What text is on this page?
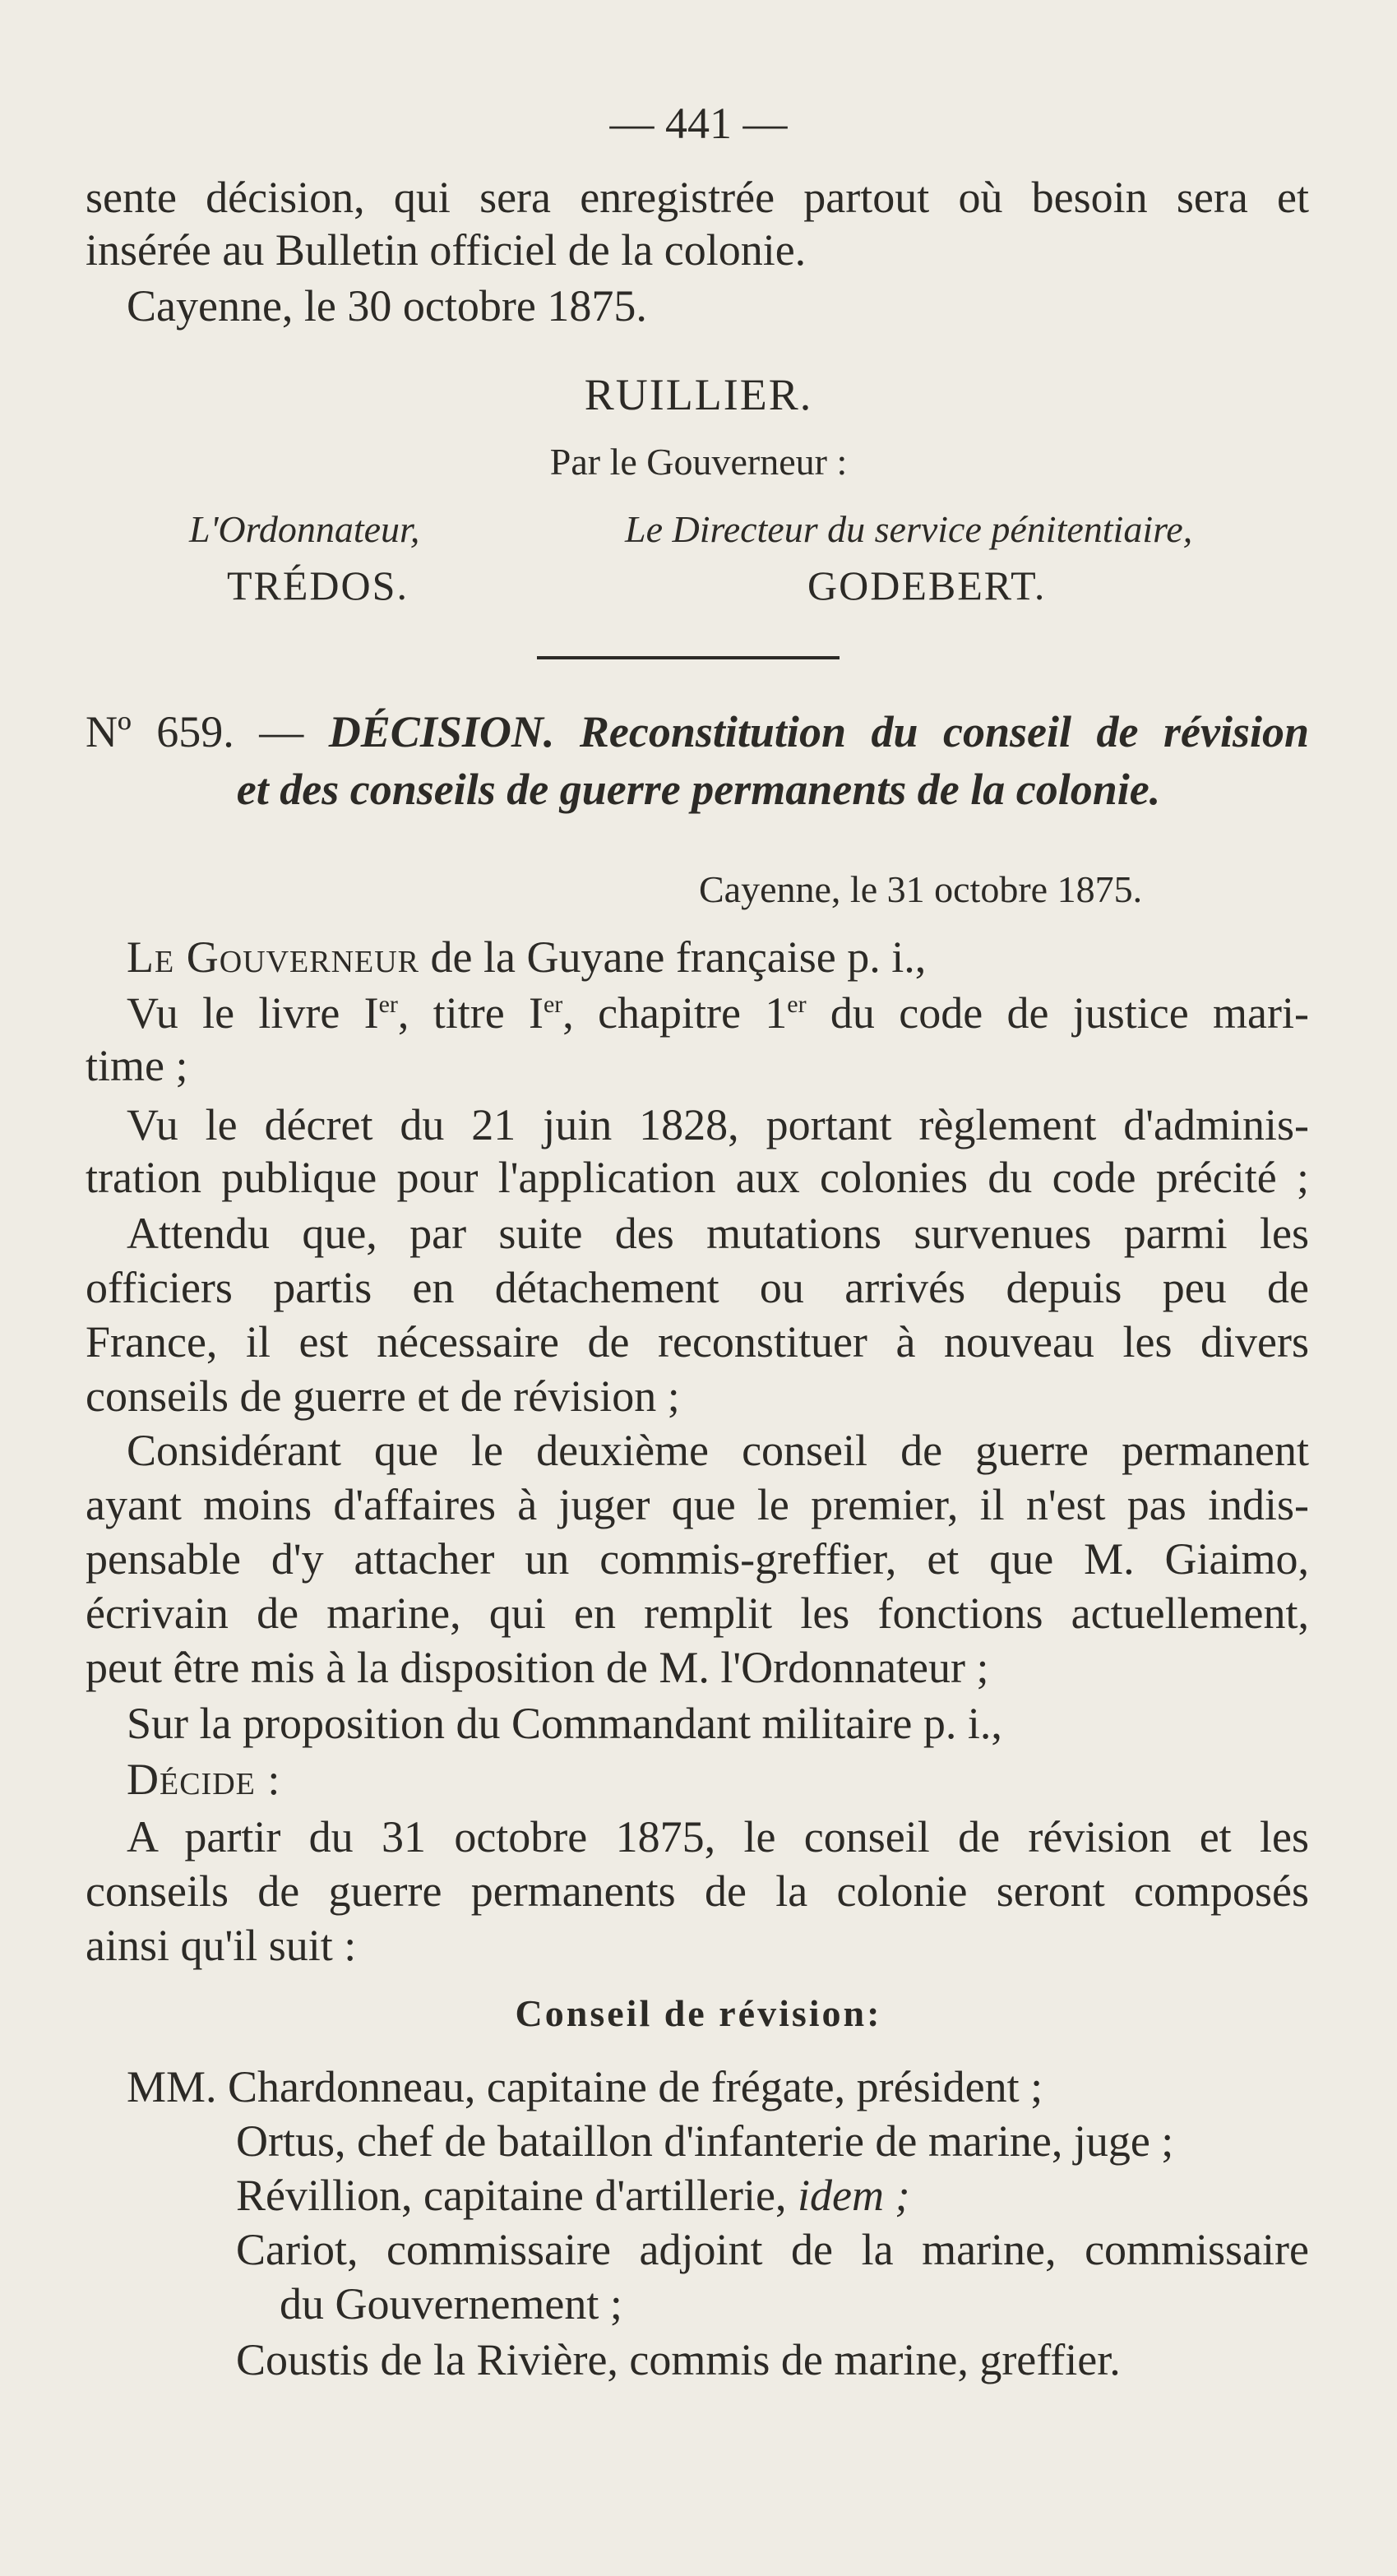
— 441 —

sente décision, qui sera enregistrée partout où besoin sera et

insérée au Bulletin officiel de la colonie.

Cayenne, le 30 octobre 1875.

RUILLIER.

Par le Gouverneur :

L'Ordonnateur,	Le Directeur du service pénitentiaire,

TRÉDOS.	GODEBERT.

Nº 659. — DÉCISION. Reconstitution du conseil de révision

et des conseils de guerre permanents de la colonie.

Cayenne, le 31 octobre 1875.

Le Gouverneur de la Guyane française p. i.,

Vu le livre Ier, titre Ier, chapitre 1er du code de justice mari-

time ;

Vu le décret du 21 juin 1828, portant règlement d'adminis-

tration publique pour l'application aux colonies du code précité ;

Attendu que, par suite des mutations survenues parmi les

officiers partis en détachement ou arrivés depuis peu de

France, il est nécessaire de reconstituer à nouveau les divers

conseils de guerre et de révision ;

Considérant que le deuxième conseil de guerre permanent

ayant moins d'affaires à juger que le premier, il n'est pas indis-

pensable d'y attacher un commis-greffier, et que M. Giaimo,

écrivain de marine, qui en remplit les fonctions actuellement,

peut être mis à la disposition de M. l'Ordonnateur ;

Sur la proposition du Commandant militaire p. i.,

Décide :

A partir du 31 octobre 1875, le conseil de révision et les

conseils de guerre permanents de la colonie seront composés

ainsi qu'il suit :

Conseil de révision:

MM. Chardonneau, capitaine de frégate, président ;

Ortus, chef de bataillon d'infanterie de marine, juge ;

Révillion, capitaine d'artillerie, idem ;

Cariot, commissaire adjoint de la marine, commissaire

du Gouvernement ;

Coustis de la Rivière, commis de marine, greffier.
